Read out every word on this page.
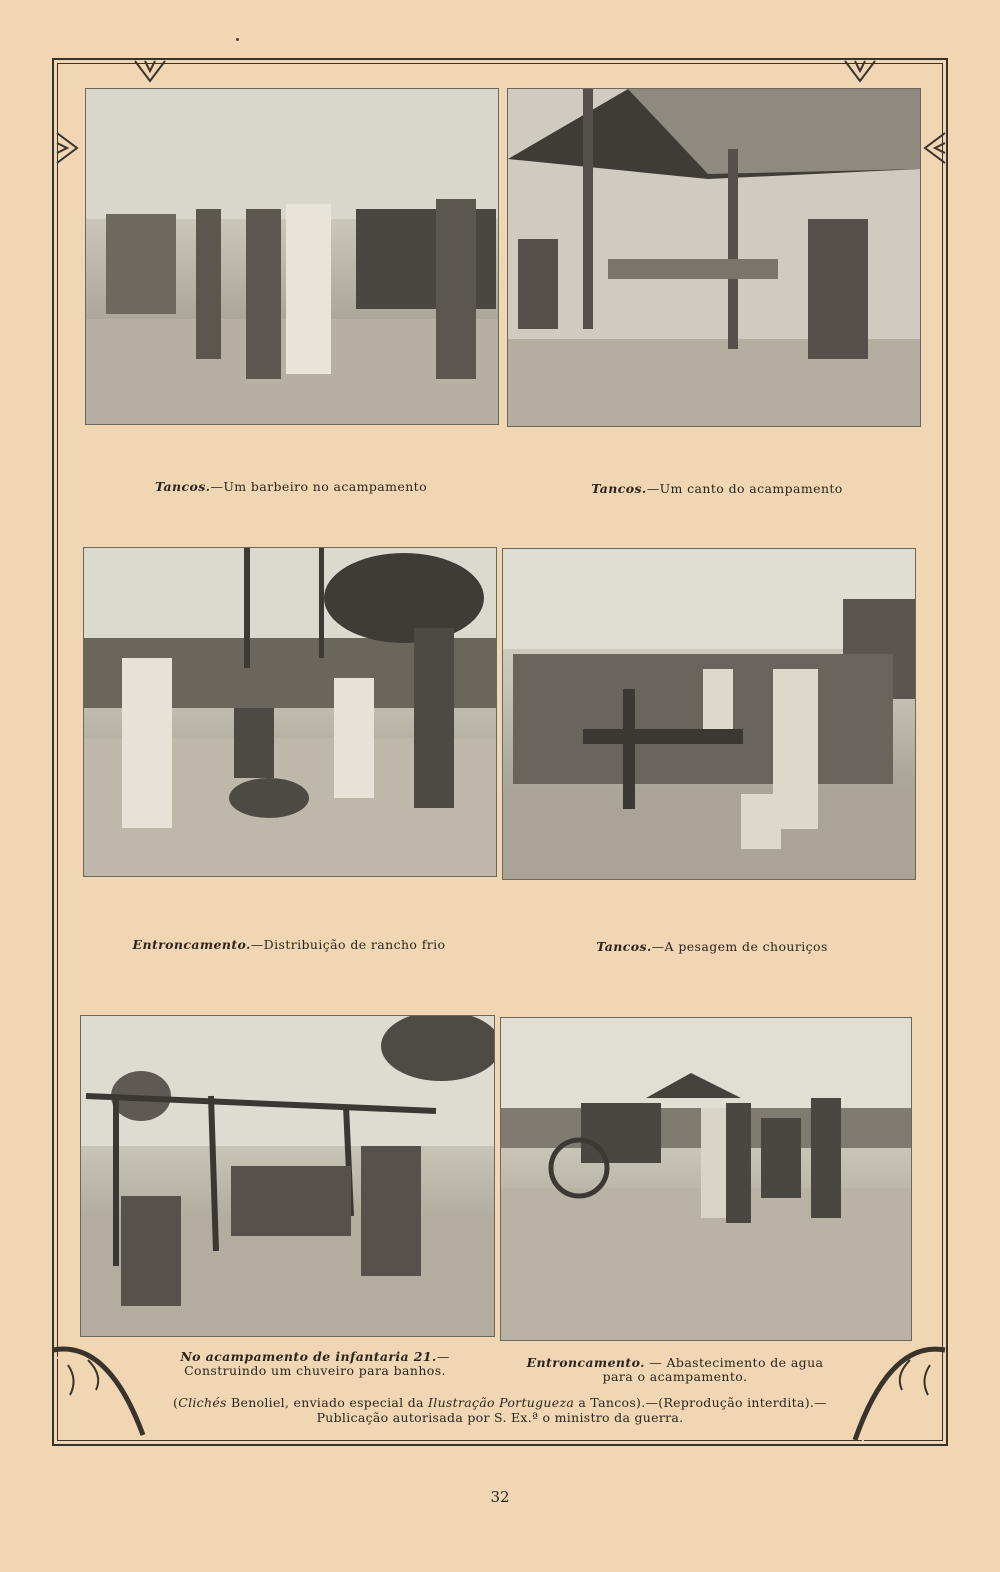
Tancos.—Um barbeiro no acampamento	Tancos.—Um canto do acampamento
Entroncamento.—Distribuição de rancho frio	Tancos.—A pesagem de chouriços
No acampamento de infantaria 21.—Construindo um chuveiro para banhos.
Entroncamento. — Abastecimento de agua para o acampamento.
(Clichés Benoliel, enviado especial da Ilustração Portugueza a Tancos).—(Reprodução interdita).—Publicação autorisada por S. Ex.ª o ministro da guerra.
32
